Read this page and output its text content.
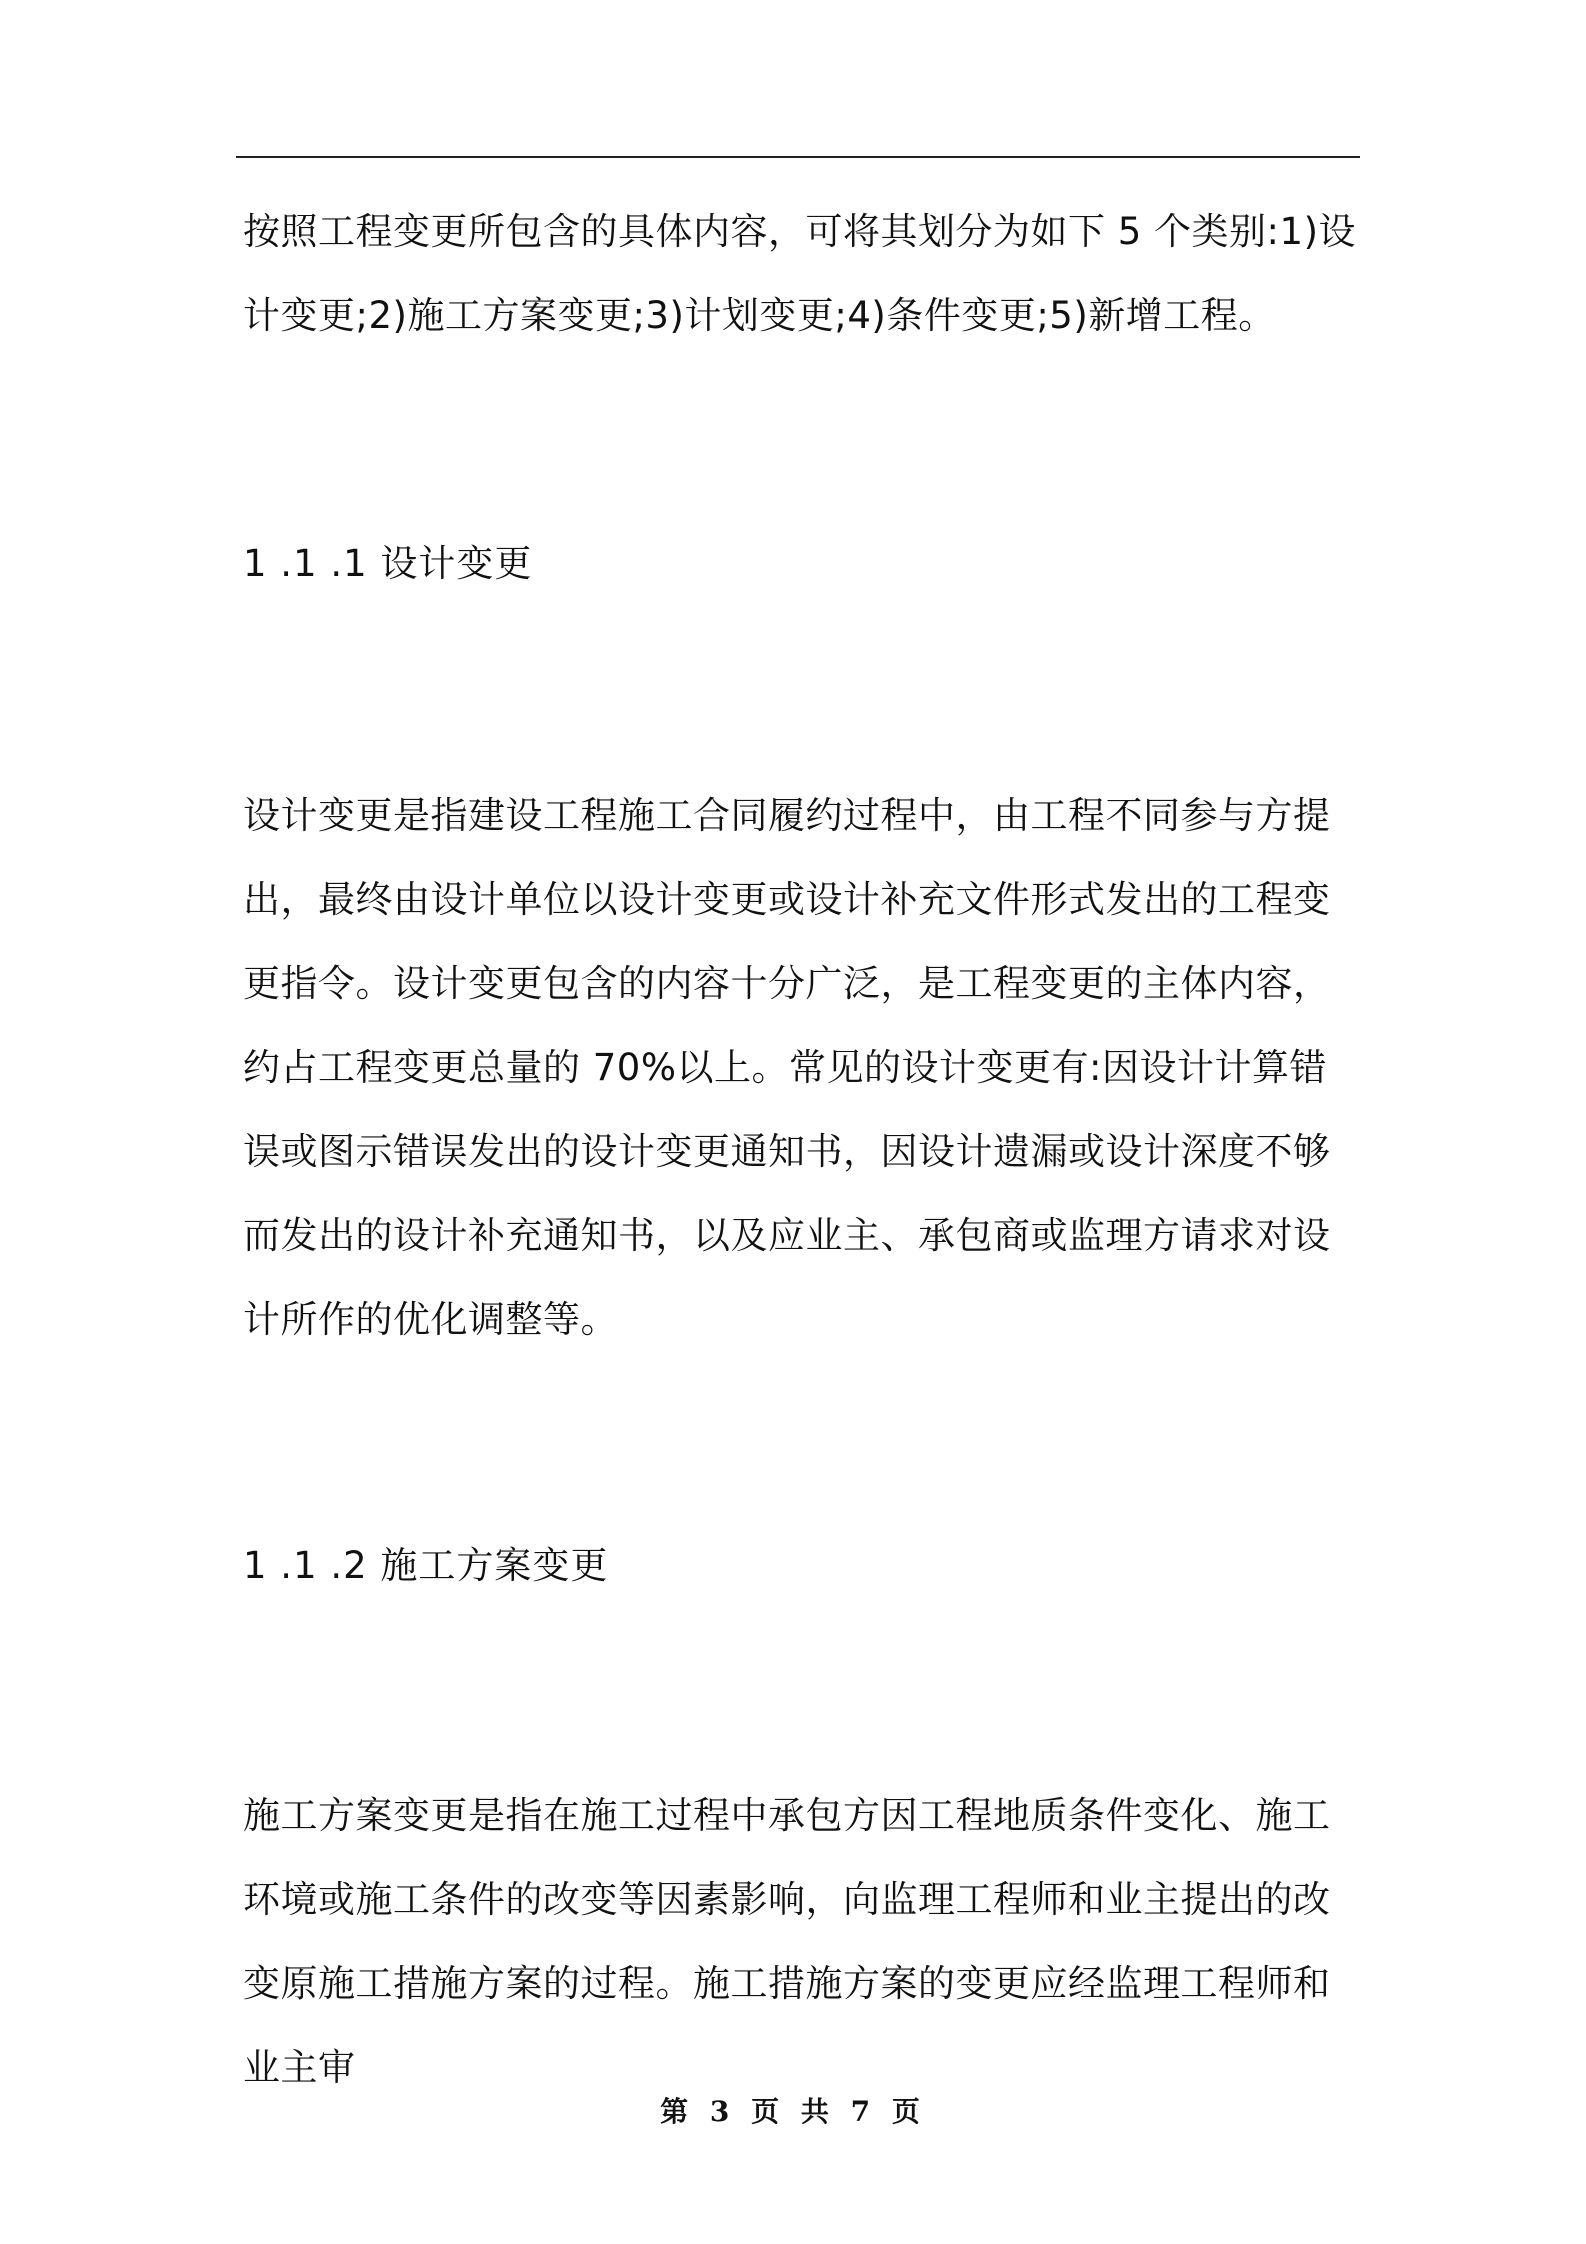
按照工程变更所包含的具体内容，可将其划分为如下 5 个类别:1)设计变更;2)施工方案变更;3)计划变更;4)条件变更;5)新增工程。

1 .1 .1 设计变更

设计变更是指建设工程施工合同履约过程中，由工程不同参与方提出，最终由设计单位以设计变更或设计补充文件形式发出的工程变更指令。设计变更包含的内容十分广泛，是工程变更的主体内容，约占工程变更总量的 70%以上。常见的设计变更有:因设计计算错误或图示错误发出的设计变更通知书，因设计遗漏或设计深度不够而发出的设计补充通知书，以及应业主、承包商或监理方请求对设计所作的优化调整等。

1 .1 .2 施工方案变更

施工方案变更是指在施工过程中承包方因工程地质条件变化、施工环境或施工条件的改变等因素影响，向监理工程师和业主提出的改变原施工措施方案的过程。施工措施方案的变更应经监理工程师和业主审

第 3 页 共 7 页
